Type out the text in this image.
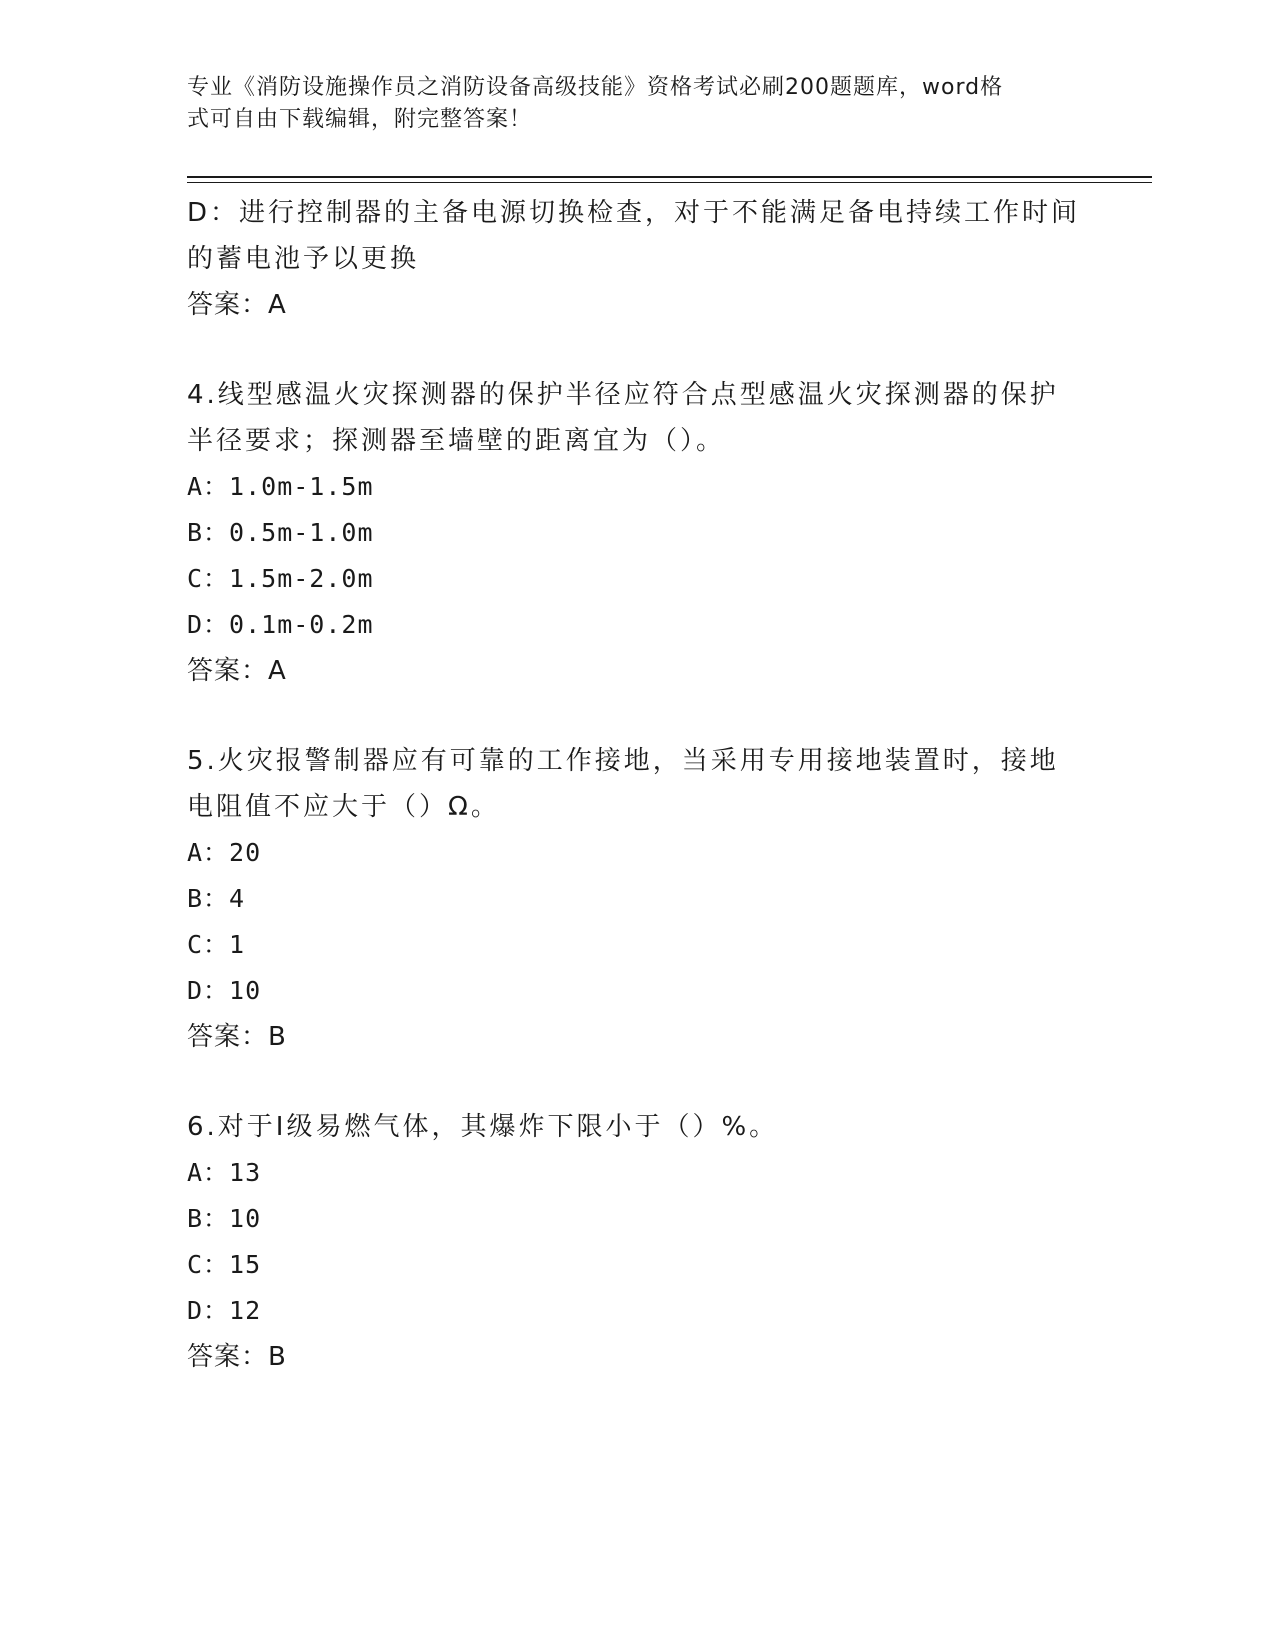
专业《消防设施操作员之消防设备高级技能》资格考试必刷200题题库，word格
式可自由下载编辑，附完整答案！
D：进行控制器的主备电源切换检查，对于不能满足备电持续工作时间
的蓄电池予以更换
答案：A
4.线型感温火灾探测器的保护半径应符合点型感温火灾探测器的保护
半径要求；探测器至墙壁的距离宜为（）。
A：1.0m-1.5m
B：0.5m-1.0m
C：1.5m-2.0m
D：0.1m-0.2m
答案：A
5.火灾报警制器应有可靠的工作接地，当采用专用接地装置时，接地
电阻值不应大于（）Ω。
A：20
B：4
C：1
D：10
答案：B
6.对于Ⅰ级易燃气体，其爆炸下限小于（）%。
A：13
B：10
C：15
D：12
答案：B
